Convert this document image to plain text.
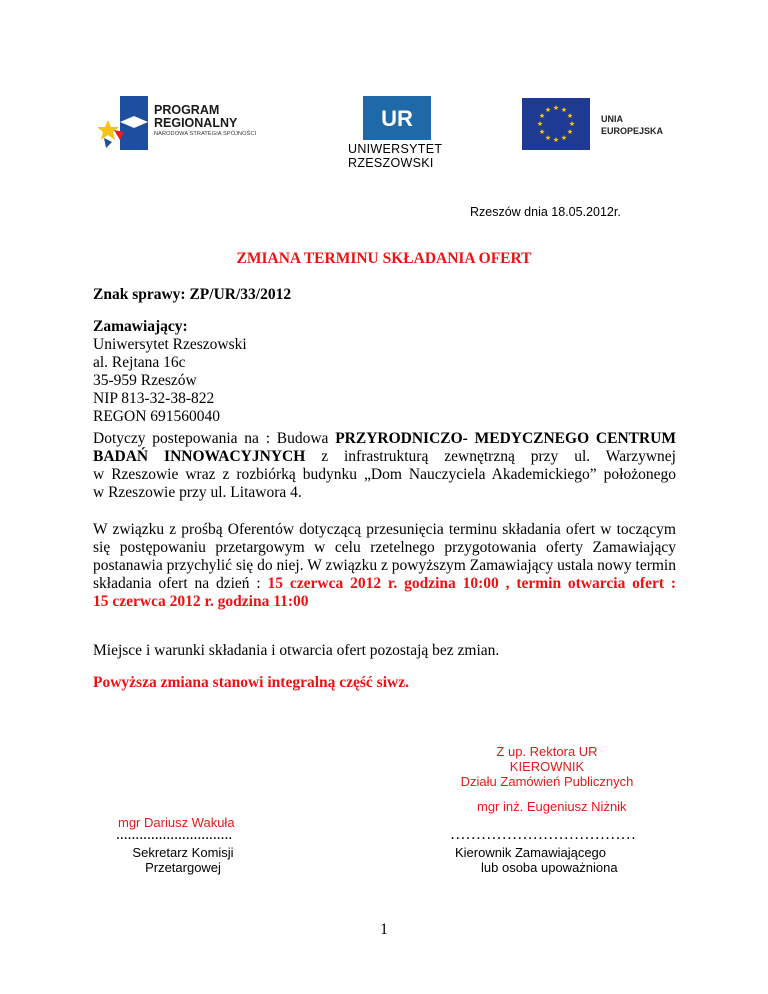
PROGRAM
REGIONALNY
NARODOWA STRATEGIA SPÓJNOŚCI
UR
UNIWERSYTET
RZESZOWSKI
★ ★
★
★
★
★
★
★
★
★
★
★
UNIA
EUROPEJSKA
Rzeszów dnia 18.05.2012r.
ZMIANA TERMINU SKŁADANIA OFERT
Znak sprawy: ZP/UR/33/2012
Zamawiający:
Uniwersytet Rzeszowski
al. Rejtana 16c
35-959 Rzeszów
NIP 813-32-38-822
REGON 691560040
Dotyczy postepowania na : Budowa PRZYRODNICZO- MEDYCZNEGO CENTRUM
BADAŃ INNOWACYJNYCH z infrastrukturą zewnętrzną przy ul. Warzywnej
w Rzeszowie wraz z rozbiórką budynku „Dom Nauczyciela Akademickiego” położonego
w Rzeszowie przy ul. Litawora 4.
W związku z prośbą Oferentów dotyczącą przesunięcia terminu składania ofert w toczącym
się postępowaniu przetargowym w celu rzetelnego przygotowania oferty Zamawiający
postanawia przychylić się do niej. W związku z powyższym Zamawiający ustala nowy termin
składania ofert na dzień : 15 czerwca 2012 r. godzina 10:00 , termin otwarcia ofert :
15 czerwca 2012 r. godzina 11:00
Miejsce i warunki składania i otwarcia ofert pozostają bez zmian.
Powyższa zmiana stanowi integralną część siwz.
Z up. Rektora UR
KIEROWNIK
Działu Zamówień Publicznych
mgr inż. Eugeniusz Niżnik
mgr Dariusz Wakuła
..............................	………………………………
Sekretarz Komisji
Przetargowej
Kierownik Zamawiającego
lub osoba upoważniona
1
